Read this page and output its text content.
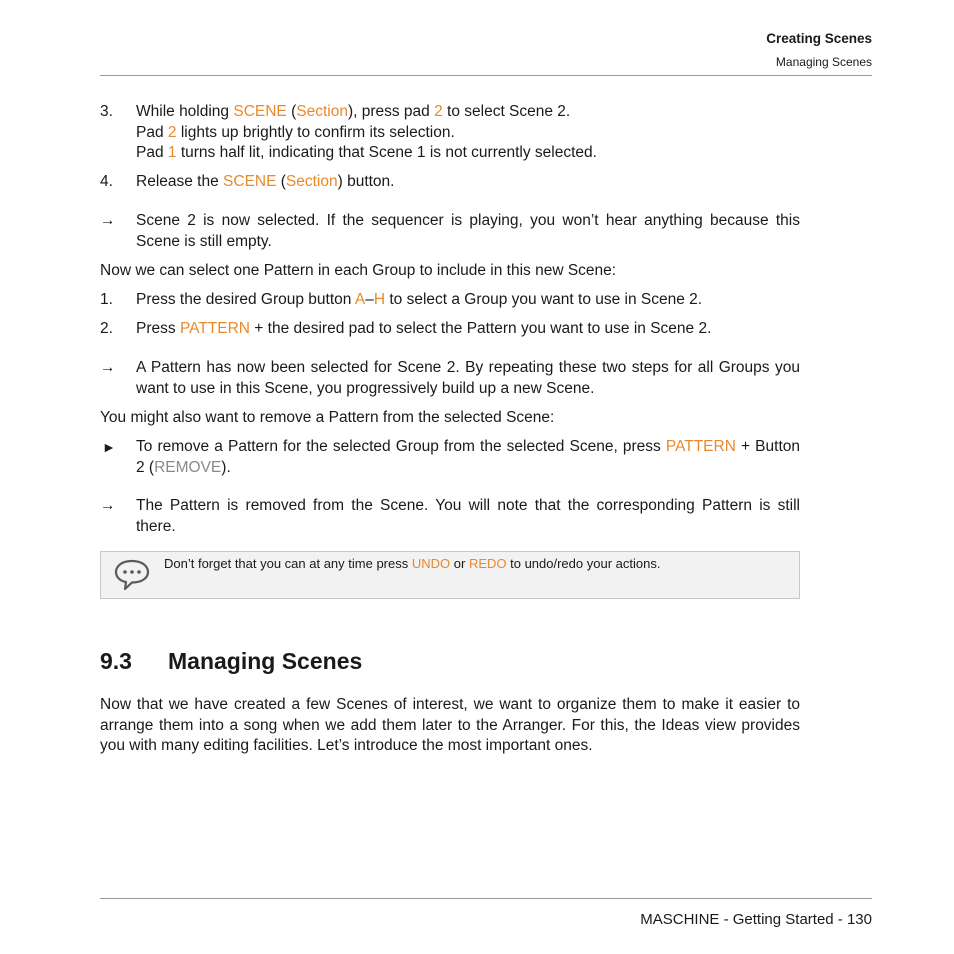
Creating Scenes
Managing Scenes
3. While holding SCENE (Section), press pad 2 to select Scene 2.
Pad 2 lights up brightly to confirm its selection.
Pad 1 turns half lit, indicating that Scene 1 is not currently selected.
4. Release the SCENE (Section) button.
→ Scene 2 is now selected. If the sequencer is playing, you won’t hear anything because this Scene is still empty.
Now we can select one Pattern in each Group to include in this new Scene:
1. Press the desired Group button A–H to select a Group you want to use in Scene 2.
2. Press PATTERN + the desired pad to select the Pattern you want to use in Scene 2.
→ A Pattern has now been selected for Scene 2. By repeating these two steps for all Groups you want to use in this Scene, you progressively build up a new Scene.
You might also want to remove a Pattern from the selected Scene:
► To remove a Pattern for the selected Group from the selected Scene, press PATTERN + Button 2 (REMOVE).
→ The Pattern is removed from the Scene. You will note that the corresponding Pattern is still there.
Don’t forget that you can at any time press UNDO or REDO to undo/redo your actions.
9.3 Managing Scenes
Now that we have created a few Scenes of interest, we want to organize them to make it easier to arrange them into a song when we add them later to the Arranger. For this, the Ideas view provides you with many editing facilities. Let’s introduce the most important ones.
MASCHINE - Getting Started - 130
